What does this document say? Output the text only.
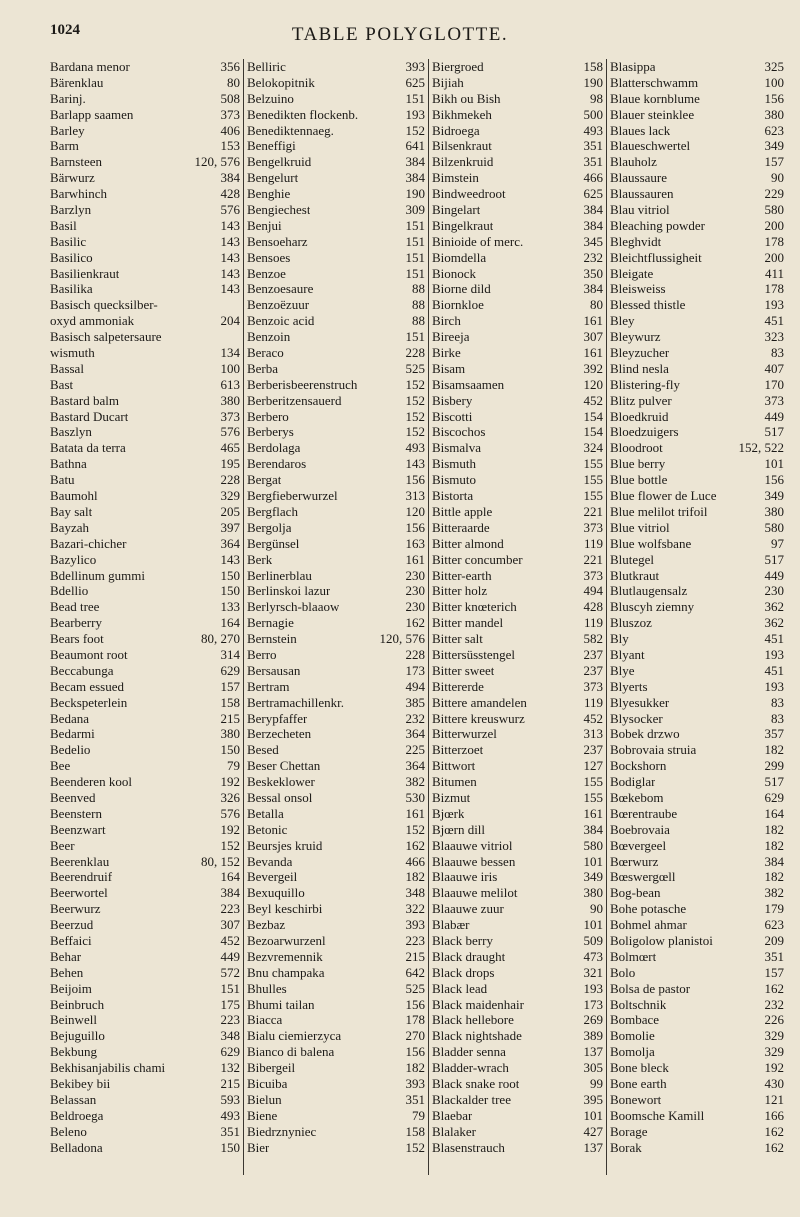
1024	TABLE POLYGLOTTE.
Bardana menor	356
Bärenklau	80
Barinj.	508
Barlapp saamen	373
Barley	406
Barm	153
Barnsteen	120, 576
Bärwurz	384
Barwhinch	428
Barzlyn	576
Basil	143
Basilic	143
Basilico	143
Basilienkraut	143
Basilika	143
Basisch quecksilber-
oxyd ammoniak	204
Basisch salpetersaure
wismuth	134
Bassal	100
Bast	613
Bastard balm	380
Bastard Ducart	373
Baszlyn	576
Batata da terra	465
Bathna	195
Batu	228
Baumohl	329
Bay salt	205
Bayzah	397
Bazari-chicher	364
Bazylico	143
Bdellinum gummi	150
Bdellio	150
Bead tree	133
Bearberry	164
Bears foot	80, 270
Beaumont root	314
Beccabunga	629
Becam essued	157
Beckspeterlein	158
Bedana	215
Bedarmi	380
Bedelio	150
Bee	79
Beenderen kool	192
Beenved	326
Beenstern	576
Beenzwart	192
Beer	152
Beerenklau	80, 152
Beerendruif	164
Beerwortel	384
Beerwurz	223
Beerzud	307
Beffaici	452
Behar	449
Behen	572
Beijoim	151
Beinbruch	175
Beinwell	223
Bejuguillo	348
Bekbung	629
Bekhisanjabilis chami	132
Bekibey bii	215
Belassan	593
Beldroega	493
Beleno	351
Belladona	150
Belliric	393
Belokopitnik	625
Belzuino	151
Benedikten flockenb.	193
Benediktennaeg.	152
Beneffigi	641
Bengelkruid	384
Bengelurt	384
Benghie	190
Bengiechest	309
Benjui	151
Bensoeharz	151
Bensoes	151
Benzoe	151
Benzoesaure	88
Benzoëzuur	88
Benzoic acid	88
Benzoin	151
Beraco	228
Berba	525
Berberisbeerenstruch	152
Berberitzensauerd	152
Berbero	152
Berberys	152
Berdolaga	493
Berendaros	143
Bergat	156
Bergfieberwurzel	313
Bergflach	120
Bergolja	156
Bergünsel	163
Berk	161
Berlinerblau	230
Berlinskoi lazur	230
Berlyrsch-blaaow	230
Bernagie	162
Bernstein	120, 576
Berro	228
Bersausan	173
Bertram	494
Bertramachillenkr.	385
Berypfaffer	232
Berzecheten	364
Besed	225
Beser Chettan	364
Beskeklower	382
Bessal onsol	530
Betalla	161
Betonic	152
Beursjes kruid	162
Bevanda	466
Bevergeil	182
Bexuquillo	348
Beyl keschirbi	322
Bezbaz	393
Bezoarwurzenl	223
Bezvremennik	215
Bnu champaka	642
Bhulles	525
Bhumi tailan	156
Biacca	178
Bialu ciemierzyca	270
Bianco di balena	156
Bibergeil	182
Bicuiba	393
Bielun	351
Biene	79
Biedrznyniec	158
Bier	152
Biergroed	158
Bijiah	190
Bikh ou Bish	98
Bikhmekeh	500
Bidroega	493
Bilsenkraut	351
Bilzenkruid	351
Bimstein	466
Bindweedroot	625
Bingelart	384
Bingelkraut	384
Binioide of merc.	345
Biomdella	232
Bionock	350
Biorne dild	384
Biornkloe	80
Birch	161
Bireeja	307
Birke	161
Bisam	392
Bisamsaamen	120
Bisbery	452
Biscotti	154
Biscochos	154
Bismalva	324
Bismuth	155
Bismuto	155
Bistorta	155
Bittle apple	221
Bitteraarde	373
Bitter almond	119
Bitter concumber	221
Bitter-earth	373
Bitter holz	494
Bitter knœterich	428
Bitter mandel	119
Bitter salt	582
Bittersüsstengel	237
Bitter sweet	237
Bittererde	373
Bittere amandelen	119
Bittere kreuswurz	452
Bitterwurzel	313
Bitterzoet	237
Bittwort	127
Bitumen	155
Bizmut	155
Bjœrk	161
Bjœrn dill	384
Blaauwe vitriol	580
Blaauwe bessen	101
Blaauwe iris	349
Blaauwe melilot	380
Blaauwe zuur	90
Blabær	101
Black berry	509
Black draught	473
Black drops	321
Black lead	193
Black maidenhair	173
Black hellebore	269
Black nightshade	389
Bladder senna	137
Bladder-wrach	305
Black snake root	99
Blackalder tree	395
Blaebar	101
Blalaker	427
Blasenstrauch	137
Blasippa	325
Blatterschwamm	100
Blaue kornblume	156
Blauer steinklee	380
Blaues lack	623
Blaueschwertel	349
Blauholz	157
Blaussaure	90
Blaussauren	229
Blau vitriol	580
Bleaching powder	200
Bleghvidt	178
Bleichtflussigheit	200
Bleigate	411
Bleisweiss	178
Blessed thistle	193
Bley	451
Bleywurz	323
Bleyzucher	83
Blind nesla	407
Blistering-fly	170
Blitz pulver	373
Bloedkruid	449
Bloedzuigers	517
Bloodroot	152, 522
Blue berry	101
Blue bottle	156
Blue flower de Luce	349
Blue melilot trifoil	380
Blue vitriol	580
Blue wolfsbane	97
Blutegel	517
Blutkraut	449
Blutlaugensalz	230
Bluscyh ziemny	362
Bluszoz	362
Bly	451
Blyant	193
Blye	451
Blyerts	193
Blyesukker	83
Blysocker	83
Bobek drzwo	357
Bobrovaia struia	182
Bockshorn	299
Bodiglar	517
Bœkebom	629
Bœrentraube	164
Boebrovaia	182
Bœvergeel	182
Bœrwurz	384
Bœswergœll	182
Bog-bean	382
Bohe potasche	179
Bohmel ahmar	623
Boligolow planistoi	209
Bolmœrt	351
Bolo	157
Bolsa de pastor	162
Boltschnik	232
Bombace	226
Bomolie	329
Bomolja	329
Bone bleck	192
Bone earth	430
Bonewort	121
Boomsche Kamill	166
Borage	162
Borak	162
